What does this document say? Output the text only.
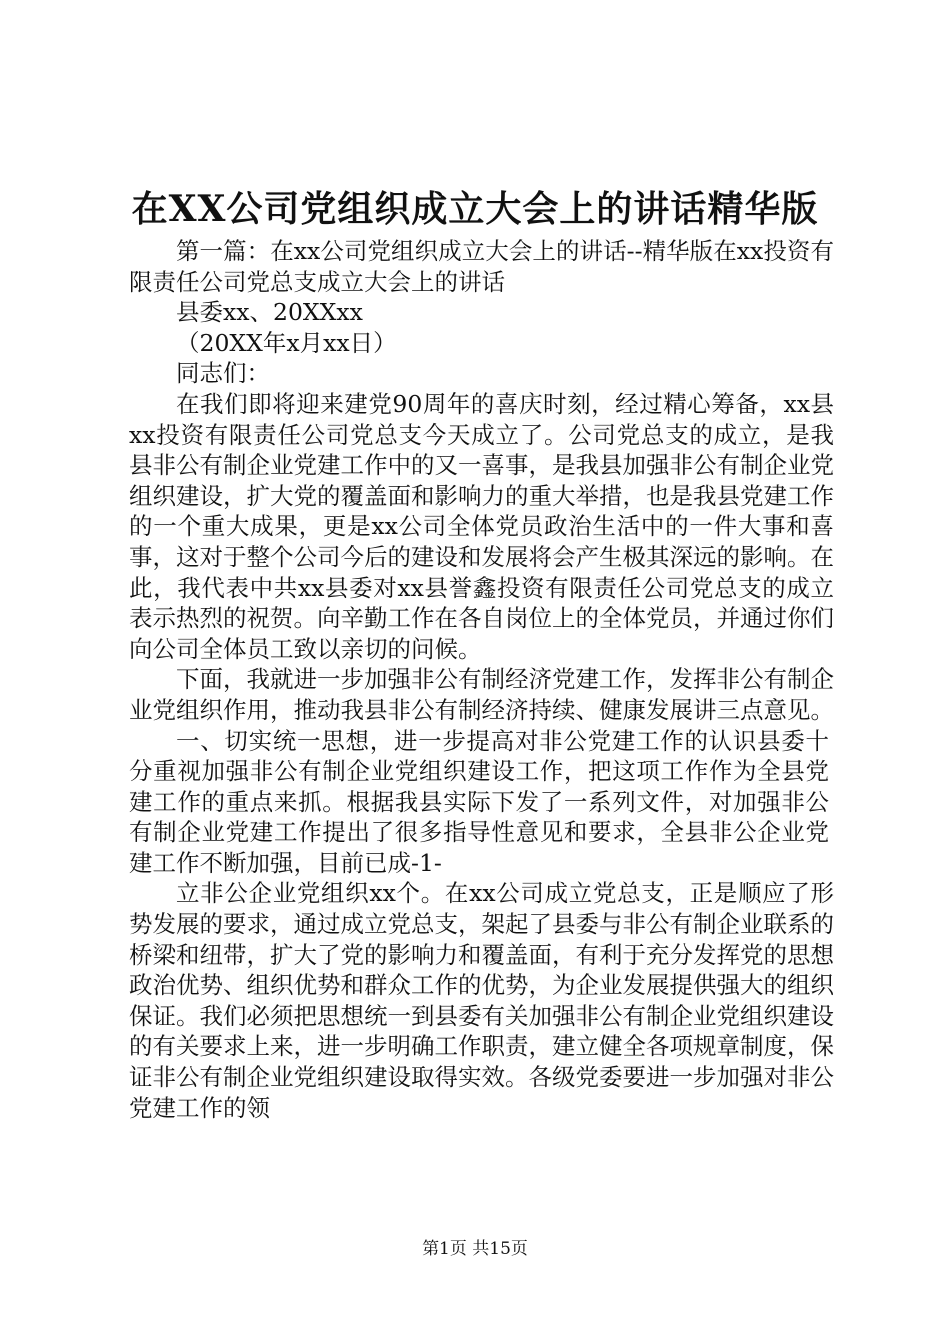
在XX公司党组织成立大会上的讲话精华版

第一篇：在xx公司党组织成立大会上的讲话--精华版在xx投资有限责任公司党总支成立大会上的讲话

县委xx、20XXxx

（20XX年x月xx日）

同志们：

在我们即将迎来建党90周年的喜庆时刻，经过精心筹备，xx县xx投资有限责任公司党总支今天成立了。公司党总支的成立，是我县非公有制企业党建工作中的又一喜事，是我县加强非公有制企业党组织建设，扩大党的覆盖面和影响力的重大举措，也是我县党建工作的一个重大成果，更是xx公司全体党员政治生活中的一件大事和喜事，这对于整个公司今后的建设和发展将会产生极其深远的影响。在此，我代表中共xx县委对xx县誉鑫投资有限责任公司党总支的成立表示热烈的祝贺。向辛勤工作在各自岗位上的全体党员，并通过你们向公司全体员工致以亲切的问候。

下面，我就进一步加强非公有制经济党建工作，发挥非公有制企业党组织作用，推动我县非公有制经济持续、健康发展讲三点意见。

一、切实统一思想，进一步提高对非公党建工作的认识县委十分重视加强非公有制企业党组织建设工作，把这项工作作为全县党建工作的重点来抓。根据我县实际下发了一系列文件，对加强非公有制企业党建工作提出了很多指导性意见和要求，全县非公企业党建工作不断加强，目前已成-1-

立非公企业党组织xx个。在xx公司成立党总支，正是顺应了形势发展的要求，通过成立党总支，架起了县委与非公有制企业联系的桥梁和纽带，扩大了党的影响力和覆盖面，有利于充分发挥党的思想政治优势、组织优势和群众工作的优势，为企业发展提供强大的组织保证。我们必须把思想统一到县委有关加强非公有制企业党组织建设的有关要求上来，进一步明确工作职责，建立健全各项规章制度，保证非公有制企业党组织建设取得实效。各级党委要进一步加强对非公党建工作的领

第1页 共15页
